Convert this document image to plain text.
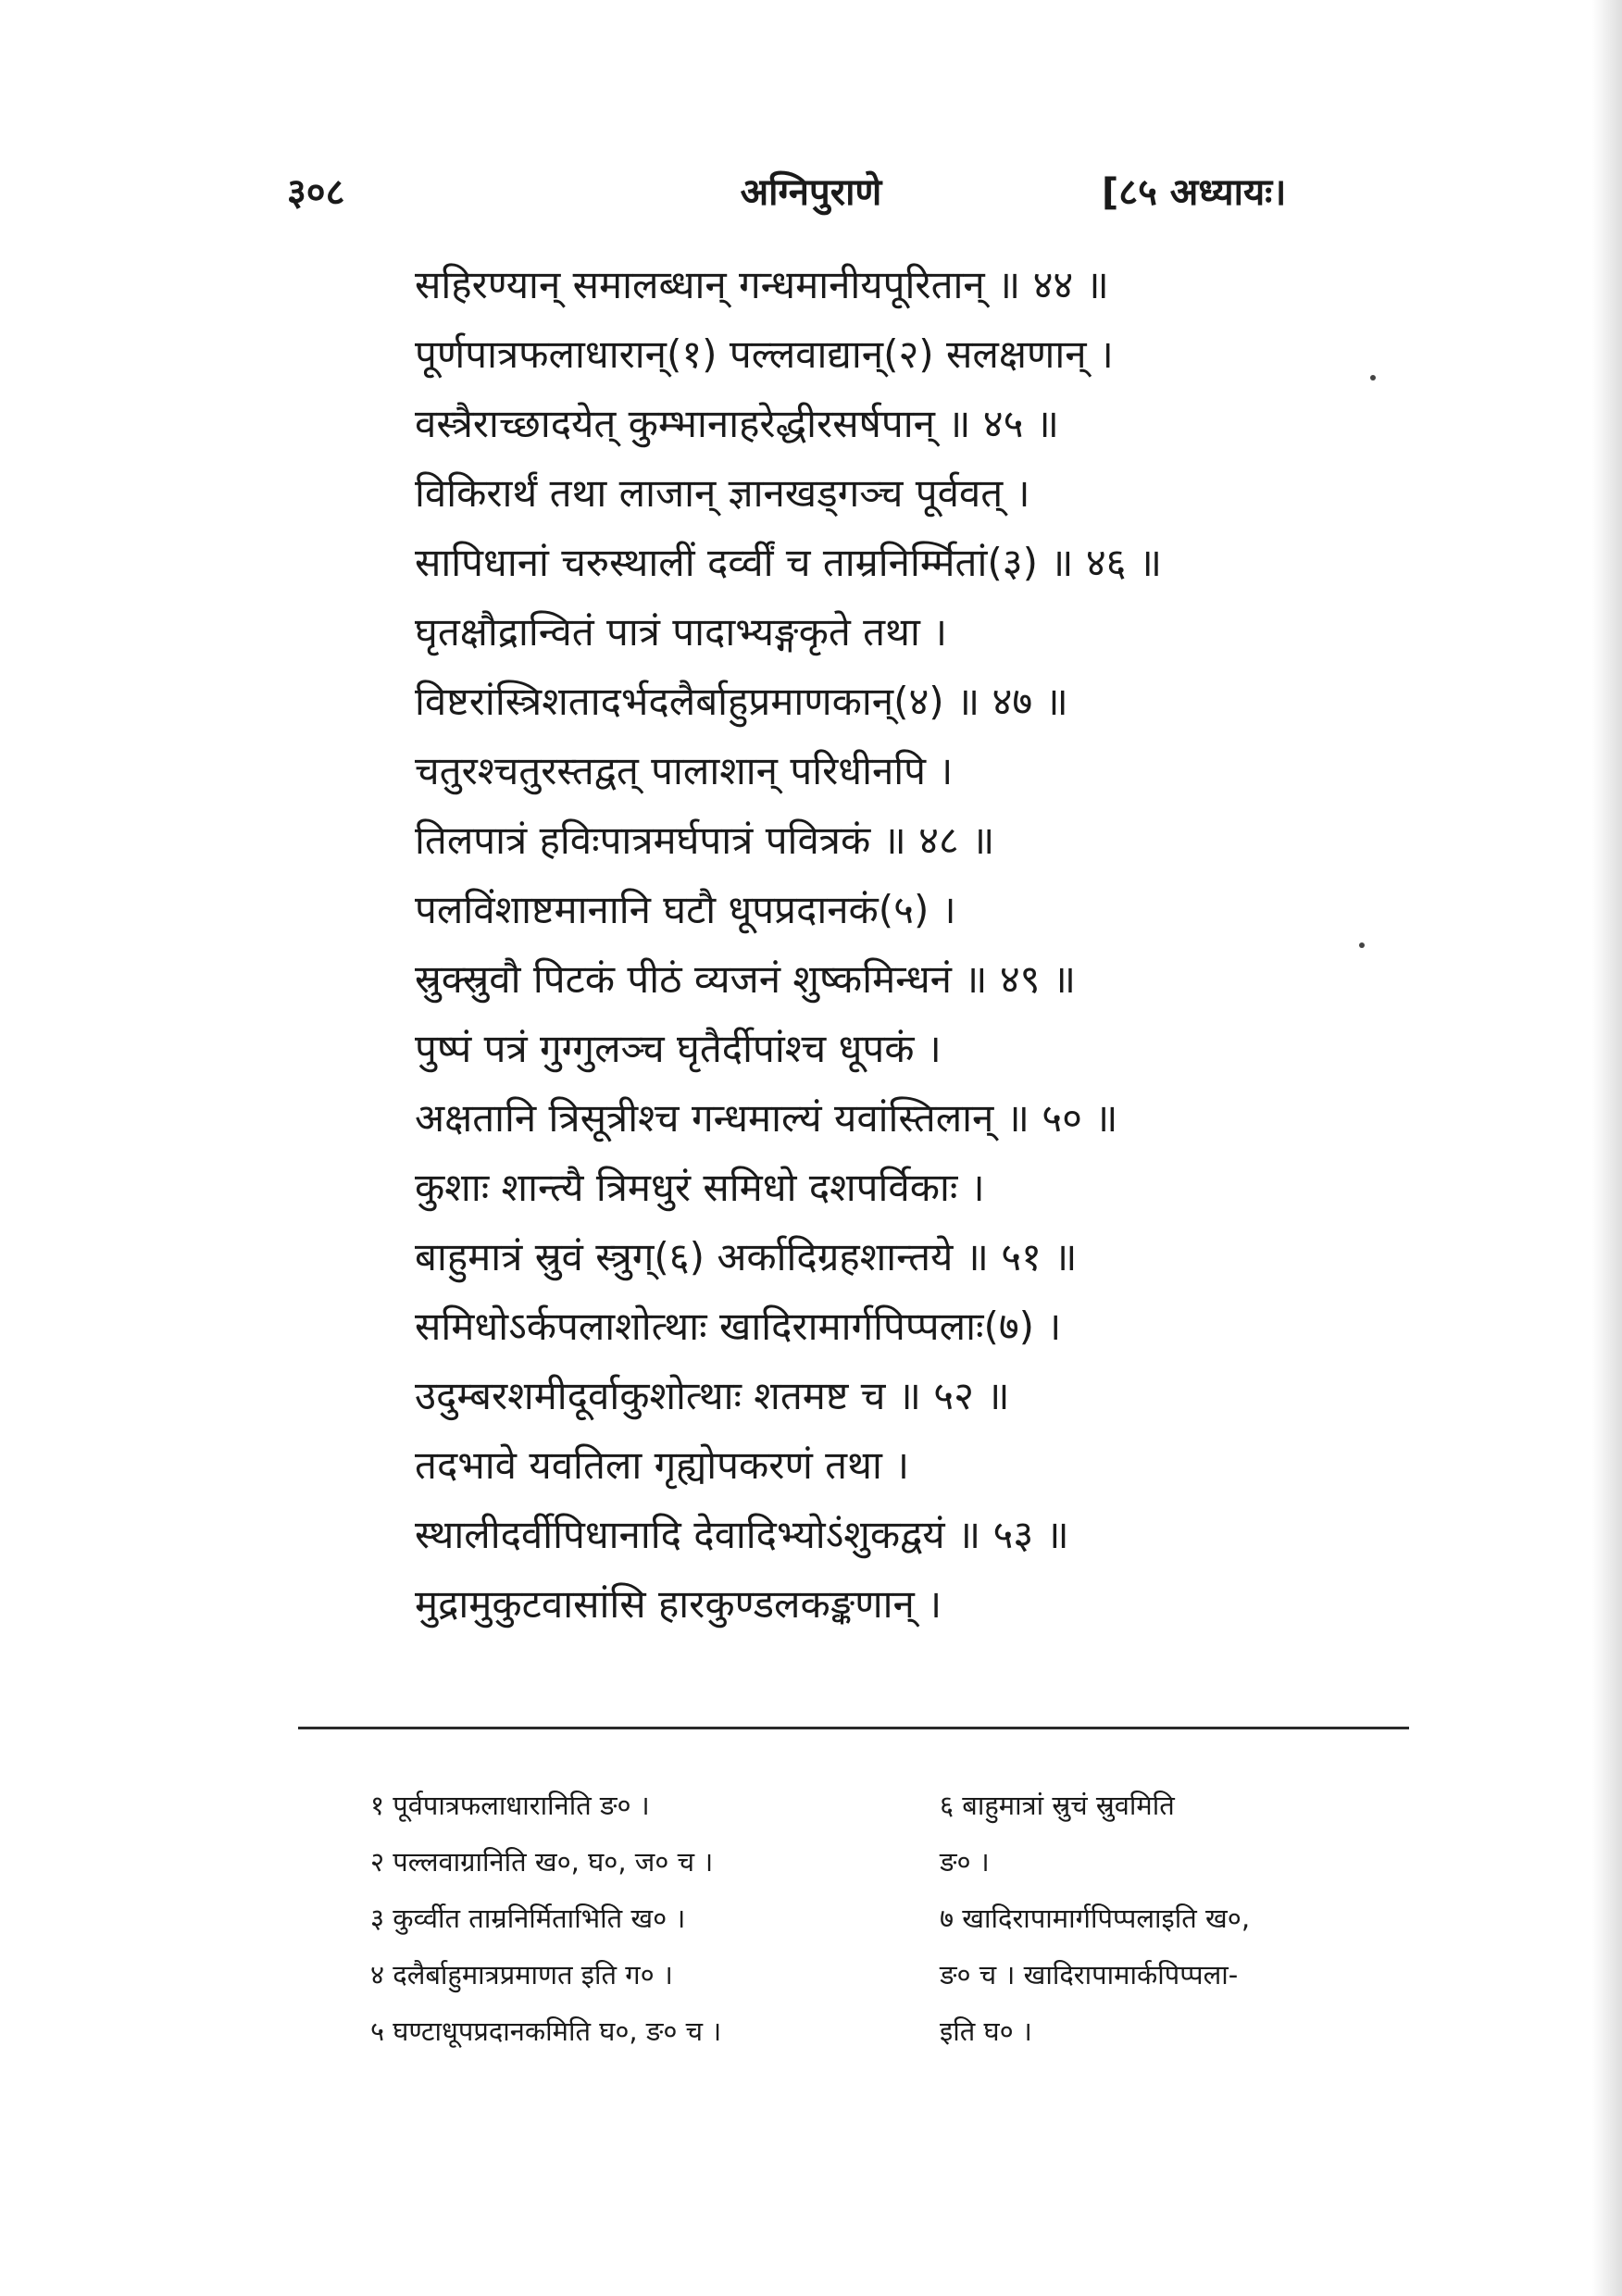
३०८	अग्निपुराणे	[८५ अध्यायः।
सहिरण्यान् समालब्धान् गन्धमानीयपूरितान् ॥ ४४ ॥
पूर्णपात्रफलाधारान्(१) पल्लवाद्यान्(२) सलक्षणान् ।
वस्त्रैराच्छादयेत् कुम्भानाहरेद्धीरसर्षपान् ॥ ४५ ॥
विकिरार्थं तथा लाजान् ज्ञानखड्गञ्च पूर्ववत् ।
सापिधानां चरुस्थालीं दर्व्वीं च ताम्रनिर्म्मितां(३) ॥ ४६ ॥
घृतक्षौद्रान्वितं पात्रं पादाभ्यङ्गकृते तथा ।
विष्टरांस्त्रिशतादर्भदलैर्बाहुप्रमाणकान्(४) ॥ ४७ ॥
चतुरश्चतुरस्तद्वत् पालाशान् परिधीनपि ।
तिलपात्रं हविःपात्रमर्घपात्रं पवित्रकं ॥ ४८ ॥
पलविंशाष्टमानानि घटौ धूपप्रदानकं(५) ।
स्रुक्स्रुवौ पिटकं पीठं व्यजनं शुष्कमिन्धनं ॥ ४९ ॥
पुष्पं पत्रं गुग्गुलञ्च घृतैर्दीपांश्च धूपकं ।
अक्षतानि त्रिसूत्रीश्च गन्धमाल्यं यवांस्तिलान् ॥ ५० ॥
कुशाः शान्त्यै त्रिमधुरं समिधो दशपर्विकाः ।
बाहुमात्रं स्रुवं स्त्रुग्(६) अर्कादिग्रहशान्तये ॥ ५१ ॥
समिधोऽर्कपलाशोत्थाः खादिरामार्गपिप्पलाः(७) ।
उदुम्बरशमीदूर्वाकुशोत्थाः शतमष्ट च ॥ ५२ ॥
तदभावे यवतिला गृह्योपकरणं तथा ।
स्थालीदर्वीपिधानादि देवादिभ्योऽंशुकद्वयं ॥ ५३ ॥
मुद्रामुकुटवासांसि हारकुण्डलकङ्कणान् ।
१ पूर्वपात्रफलाधारानिति ङ० ।
२ पल्लवाग्रानिति ख०, घ०, ज० च ।
३ कुर्व्वीत ताम्रनिर्मिताभिति ख० ।
४ दलैर्बाहुमात्रप्रमाणत इति ग० ।
५ घण्टाधूपप्रदानकमिति घ०, ङ० च ।
६ बाहुमात्रां स्रुचं स्रुवमिति
ङ० ।
७ खादिरापामार्गपिप्पलाइति ख०,
ङ० च । खादिरापामार्कपिप्पला-
इति घ० ।
